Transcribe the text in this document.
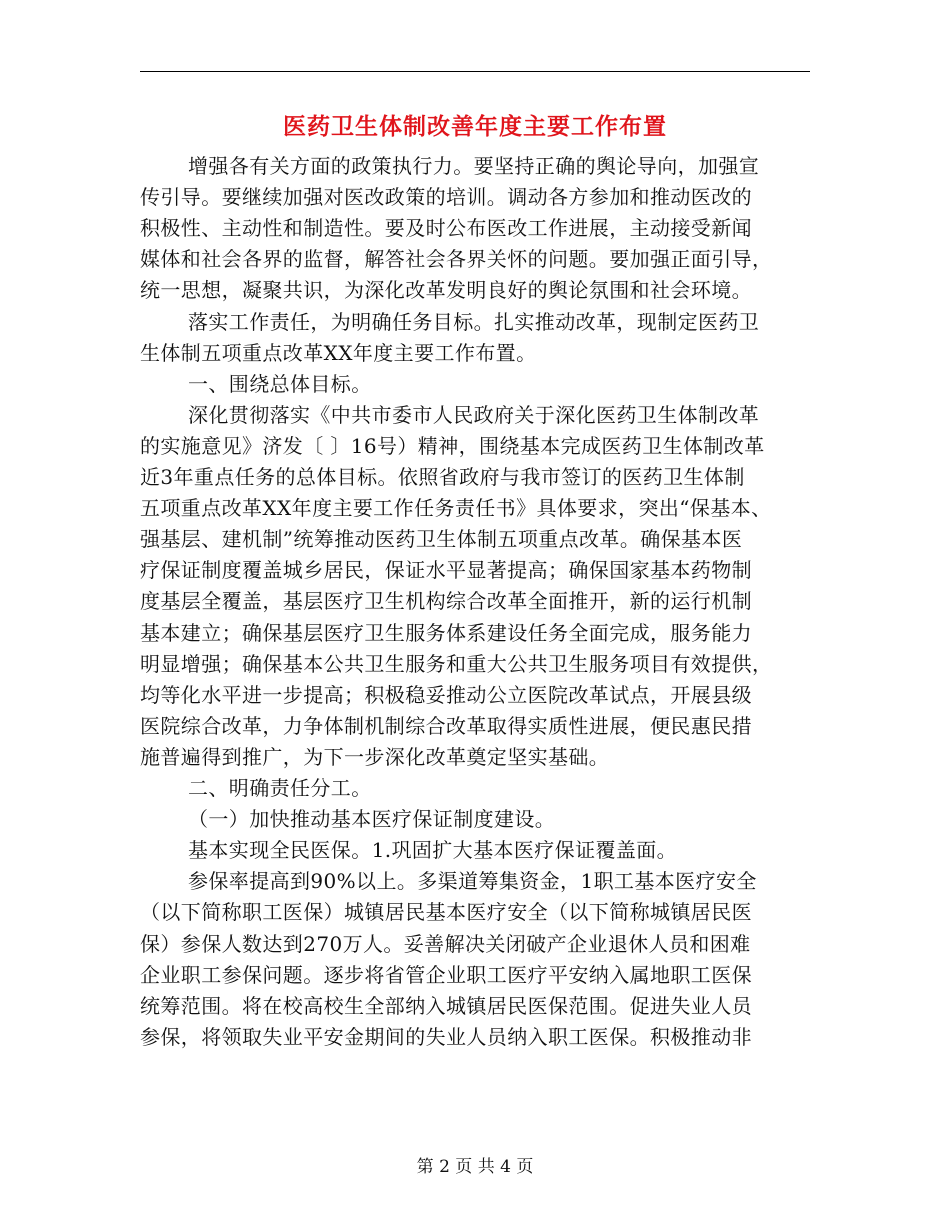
医药卫生体制改善年度主要工作布置
增强各有关方面的政策执行力。要坚持正确的舆论导向，加强宣
传引导。要继续加强对医改政策的培训。调动各方参加和推动医改的
积极性、主动性和制造性。要及时公布医改工作进展，主动接受新闻
媒体和社会各界的监督，解答社会各界关怀的问题。要加强正面引导，
统一思想，凝聚共识，为深化改革发明良好的舆论氛围和社会环境。
落实工作责任，为明确任务目标。扎实推动改革，现制定医药卫
生体制五项重点改革XX年度主要工作布置。
一、围绕总体目标。
深化贯彻落实《中共市委市人民政府关于深化医药卫生体制改革
的实施意见》济发〔 〕16号）精神，围绕基本完成医药卫生体制改革
近3年重点任务的总体目标。依照省政府与我市签订的医药卫生体制
五项重点改革XX年度主要工作任务责任书》具体要求，突出“保基本、
强基层、建机制”统筹推动医药卫生体制五项重点改革。确保基本医
疗保证制度覆盖城乡居民，保证水平显著提高；确保国家基本药物制
度基层全覆盖，基层医疗卫生机构综合改革全面推开，新的运行机制
基本建立；确保基层医疗卫生服务体系建设任务全面完成，服务能力
明显增强；确保基本公共卫生服务和重大公共卫生服务项目有效提供，
均等化水平进一步提高；积极稳妥推动公立医院改革试点，开展县级
医院综合改革，力争体制机制综合改革取得实质性进展，便民惠民措
施普遍得到推广，为下一步深化改革奠定坚实基础。
二、明确责任分工。
（一）加快推动基本医疗保证制度建设。
基本实现全民医保。1.巩固扩大基本医疗保证覆盖面。
参保率提高到90%以上。多渠道筹集资金，1职工基本医疗安全
（以下简称职工医保）城镇居民基本医疗安全（以下简称城镇居民医
保）参保人数达到270万人。妥善解决关闭破产企业退休人员和困难
企业职工参保问题。逐步将省管企业职工医疗平安纳入属地职工医保
统筹范围。将在校高校生全部纳入城镇居民医保范围。促进失业人员
参保，将领取失业平安金期间的失业人员纳入职工医保。积极推动非
第 2 页 共 4 页
